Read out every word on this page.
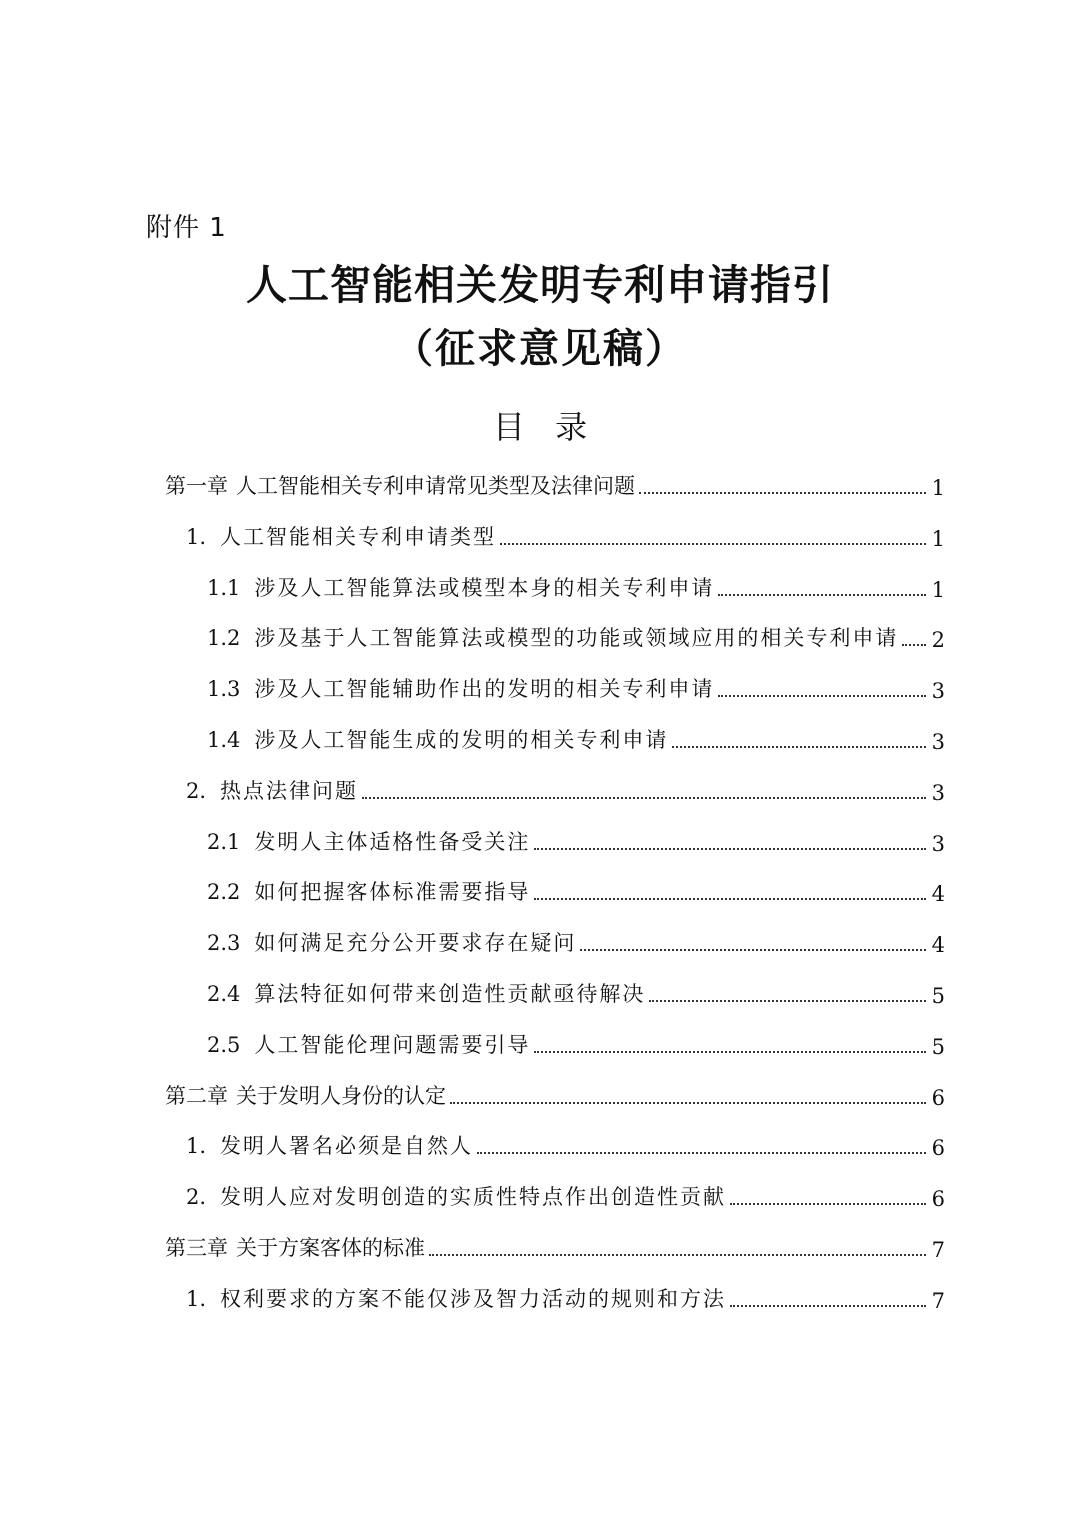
附件 1
人工智能相关发明专利申请指引
（征求意见稿）
目 录
第一章 人工智能相关专利申请常见类型及法律问题	1
1. 人工智能相关专利申请类型	1
1.1 涉及人工智能算法或模型本身的相关专利申请	1
1.2 涉及基于人工智能算法或模型的功能或领域应用的相关专利申请 2
1.3 涉及人工智能辅助作出的发明的相关专利申请	3
1.4 涉及人工智能生成的发明的相关专利申请	3
2. 热点法律问题	3
2.1 发明人主体适格性备受关注	3
2.2 如何把握客体标准需要指导	4
2.3 如何满足充分公开要求存在疑问	4
2.4 算法特征如何带来创造性贡献亟待解决	5
2.5 人工智能伦理问题需要引导	5
第二章 关于发明人身份的认定	6
1. 发明人署名必须是自然人	6
2. 发明人应对发明创造的实质性特点作出创造性贡献	6
第三章 关于方案客体的标准	7
1. 权利要求的方案不能仅涉及智力活动的规则和方法	7
